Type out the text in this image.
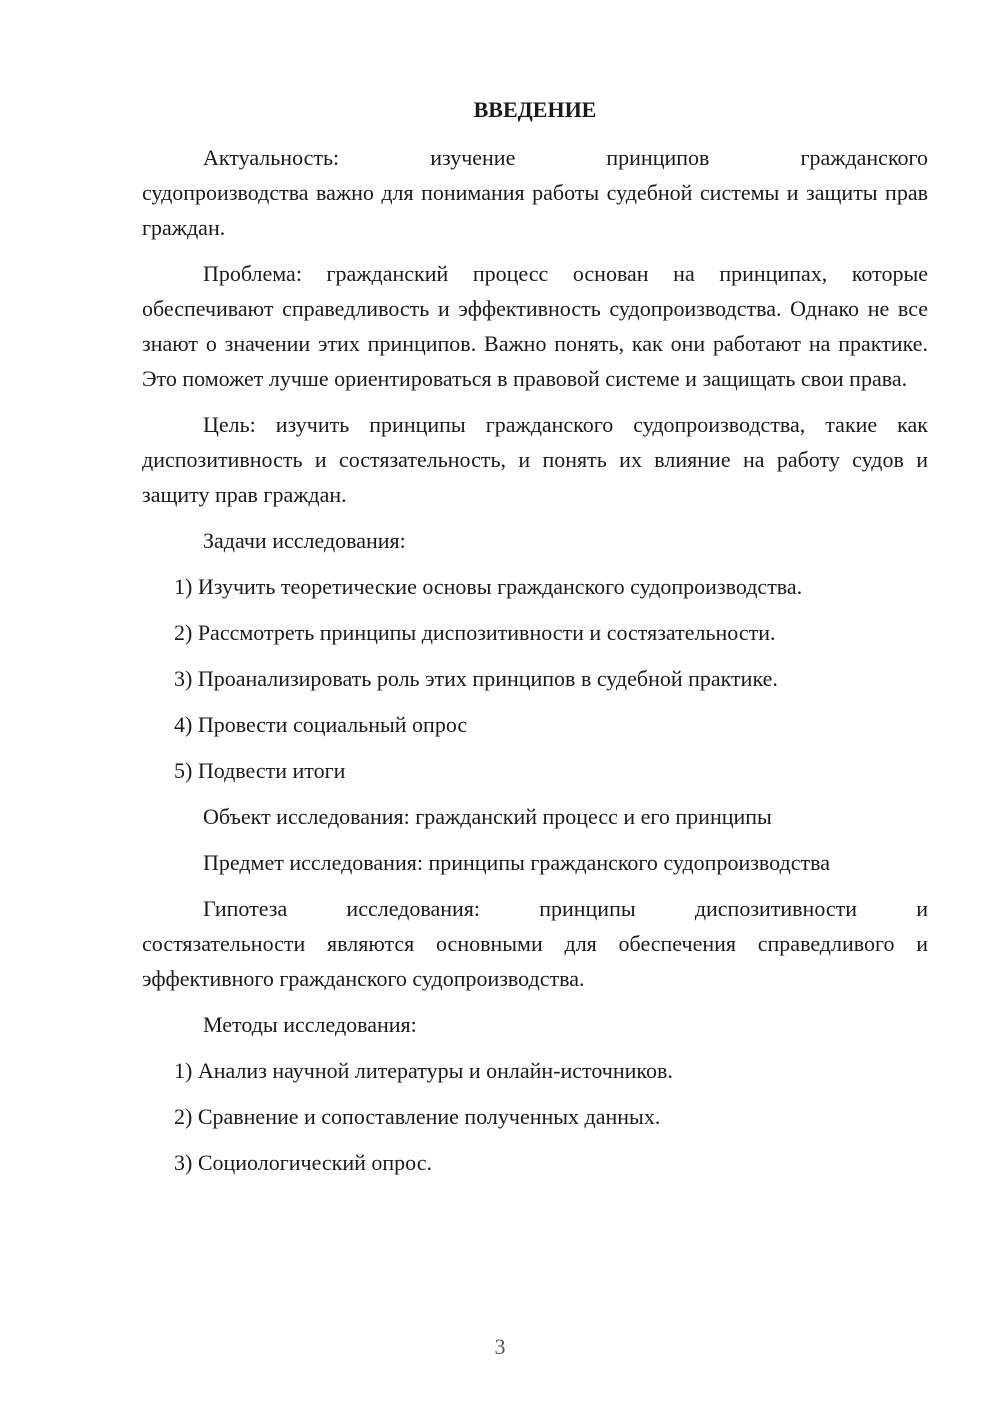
ВВЕДЕНИЕ
Актуальность: изучение принципов гражданского
судопроизводства важно для понимания работы судебной системы и защиты прав граждан.
Проблема: гражданский процесс основан на принципах, которые обеспечивают справедливость и эффективность судопроизводства. Однако не все знают о значении этих принципов. Важно понять, как они работают на практике. Это поможет лучше ориентироваться в правовой системе и защищать свои права.
Цель: изучить принципы гражданского судопроизводства, такие как диспозитивность и состязательность, и понять их влияние на работу судов и защиту прав граждан.
Задачи исследования:
1) Изучить теоретические основы гражданского судопроизводства.
2) Рассмотреть принципы диспозитивности и состязательности.
3) Проанализировать роль этих принципов в судебной практике.
4) Провести социальный опрос
5) Подвести итоги
Объект исследования: гражданский процесс и его принципы
Предмет исследования: принципы гражданского судопроизводства
Гипотеза исследования: принципы диспозитивности и
состязательности являются основными для обеспечения справедливого и эффективного гражданского судопроизводства.
Методы исследования:
1) Анализ научной литературы и онлайн-источников.
2) Сравнение и сопоставление полученных данных.
3) Социологический опрос.
3
